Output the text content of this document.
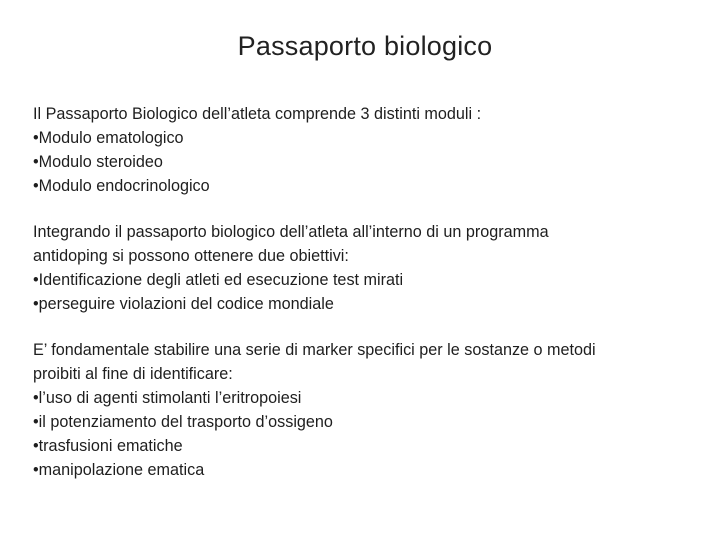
Passaporto biologico
Il Passaporto Biologico dell’atleta comprende 3 distinti moduli :
• Modulo ematologico
• Modulo steroideo
• Modulo endocrinologico
Integrando il passaporto biologico dell’atleta all’interno di un programma
antidoping si possono ottenere due obiettivi:
• Identificazione degli atleti ed esecuzione test mirati
• perseguire violazioni del codice mondiale
E’ fondamentale stabilire una serie di marker specifici per le sostanze o metodi
proibiti al fine di identificare:
• l’uso di agenti stimolanti l’eritropoiesi
• il potenziamento del trasporto d’ossigeno
• trasfusioni ematiche
• manipolazione ematica
